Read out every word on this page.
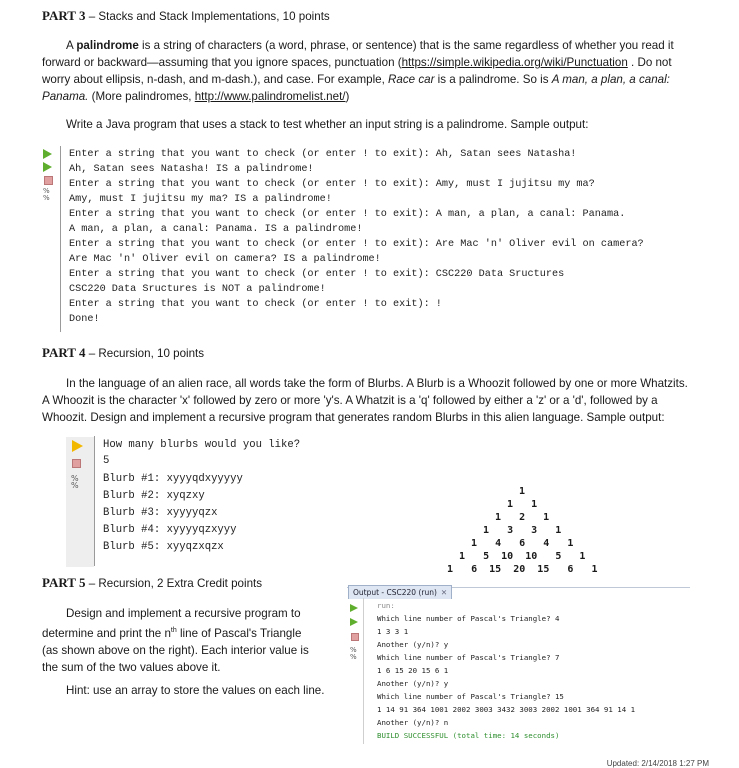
PART 3 – Stacks and Stack Implementations, 10 points
A palindrome is a string of characters (a word, phrase, or sentence) that is the same regardless of whether you read it
forward or backward—assuming that you ignore spaces, punctuation (https://simple.wikipedia.org/wiki/Punctuation . Do not
worry about ellipsis, n-dash, and m-dash.), and case. For example, Race car is a palindrome. So is A man, a plan, a canal:
Panama. (More palindromes, http://www.palindromelist.net/)
Write a Java program that uses a stack to test whether an input string is a palindrome. Sample output:
%
%
Enter a string that you want to check (or enter ! to exit): Ah, Satan sees Natasha!
Ah, Satan sees Natasha! IS a palindrome!
Enter a string that you want to check (or enter ! to exit): Amy, must I jujitsu my ma?
Amy, must I jujitsu my ma? IS a palindrome!
Enter a string that you want to check (or enter ! to exit): A man, a plan, a canal: Panama.
A man, a plan, a canal: Panama. IS a palindrome!
Enter a string that you want to check (or enter ! to exit): Are Mac 'n' Oliver evil on camera?
Are Mac 'n' Oliver evil on camera? IS a palindrome!
Enter a string that you want to check (or enter ! to exit): CSC220 Data Sructures
CSC220 Data Sructures is NOT a palindrome!
Enter a string that you want to check (or enter ! to exit): !
Done!
PART 4 – Recursion, 10 points
In the language of an alien race, all words take the form of Blurbs. A Blurb is a Whoozit followed by one or more Whatzits.
A Whoozit is the character 'x' followed by zero or more 'y's. A Whatzit is a 'q' followed by either a 'z' or a 'd', followed by a
Whoozit. Design and implement a recursive program that generates random Blurbs in this alien language. Sample output:
%
%
How many blurbs would you like?
5
Blurb #1: xyyyqdxyyyyy
Blurb #2: xyqzxy
Blurb #3: xyyyyqzx
Blurb #4: xyyyyqzxyyy
Blurb #5: xyyqzxqzx
1
1   1
1   2   1
1   3   3   1
1   4   6   4   1
1   5  10  10   5   1
1   6  15  20  15   6   1
PART 5 – Recursion, 2 Extra Credit points
Design and implement a recursive program to
determine and print the $n^{th}$ line of Pascal's Triangle
(as shown above on the right). Each interior value is
the sum of the two values above it.
Hint: use an array to store the values on each line.
Output - CSC220 (run) ✕
%
%
run:
Which line number of Pascal's Triangle? 4
1 3 3 1
Another (y/n)? y
Which line number of Pascal's Triangle? 7
1 6 15 20 15 6 1
Another (y/n)? y
Which line number of Pascal's Triangle? 15
1 14 91 364 1001 2002 3003 3432 3003 2002 1001 364 91 14 1
Another (y/n)? n
BUILD SUCCESSFUL (total time: 14 seconds)
Updated: 2/14/2018 1:27 PM
